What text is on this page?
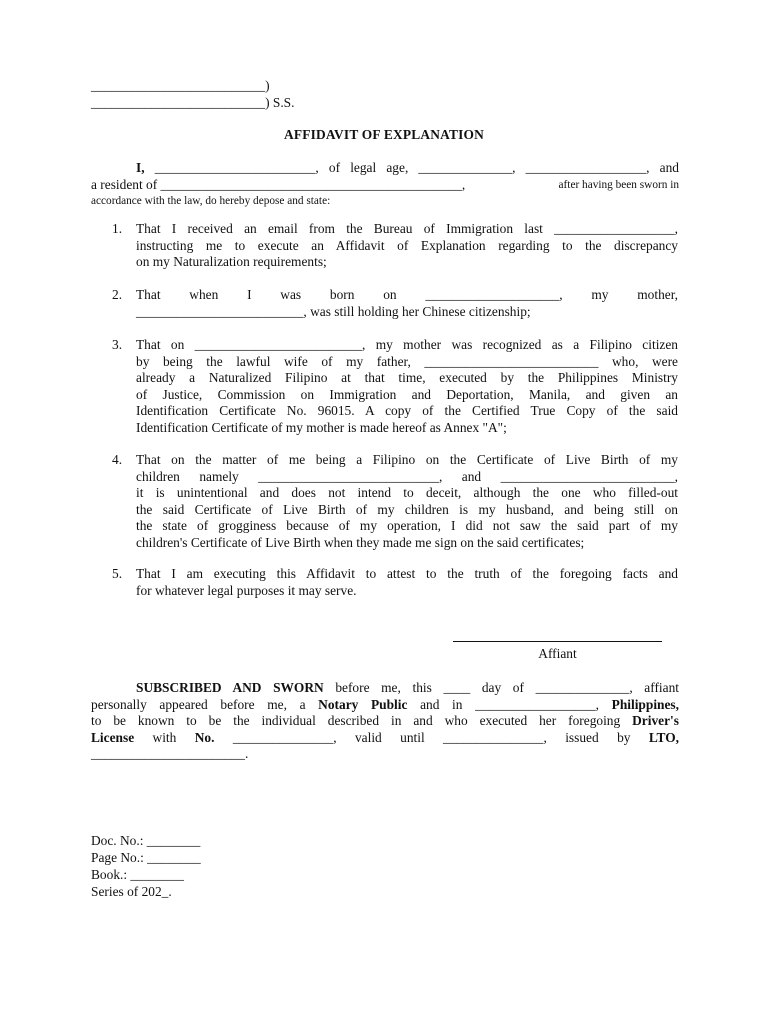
__________________________)
__________________________) S.S.
AFFIDAVIT OF EXPLANATION
I, ________________________, of legal age, ______________, __________________, and
a resident of _____________________________________________,	after having been sworn in
accordance with the law, do hereby depose and state:
1. That I received an email from the Bureau of Immigration last __________________,
instructing me to execute an Affidavit of Explanation regarding to the discrepancy
on my Naturalization requirements;
2. That when I was born on ____________________, my mother,
_________________________, was still holding her Chinese citizenship;
3. That on _________________________, my mother was recognized as a Filipino citizen
by being the lawful wife of my father, __________________________ who, were
already a Naturalized Filipino at that time, executed by the Philippines Ministry
of Justice, Commission on Immigration and Deportation, Manila, and given an
Identification Certificate No. 96015. A copy of the Certified True Copy of the said
Identification Certificate of my mother is made hereof as Annex "A";
4. That on the matter of me being a Filipino on the Certificate of Live Birth of my
children namely ___________________________, and __________________________,
it is unintentional and does not intend to deceit, although the one who filled-out
the said Certificate of Live Birth of my children is my husband, and being still on
the state of grogginess because of my operation, I did not saw the said part of my
children's Certificate of Live Birth when they made me sign on the said certificates;
5. That I am executing this Affidavit to attest to the truth of the foregoing facts and
for whatever legal purposes it may serve.
Affiant
SUBSCRIBED AND SWORN before me, this ____ day of ______________, affiant
personally appeared before me, a Notary Public and in __________________, Philippines,
to be known to be the individual described in and who executed her foregoing Driver's
License with No. _______________, valid until _______________, issued by LTO,
_______________________.
Doc. No.: ________
Page No.: ________
Book.: ________
Series of 202_.
